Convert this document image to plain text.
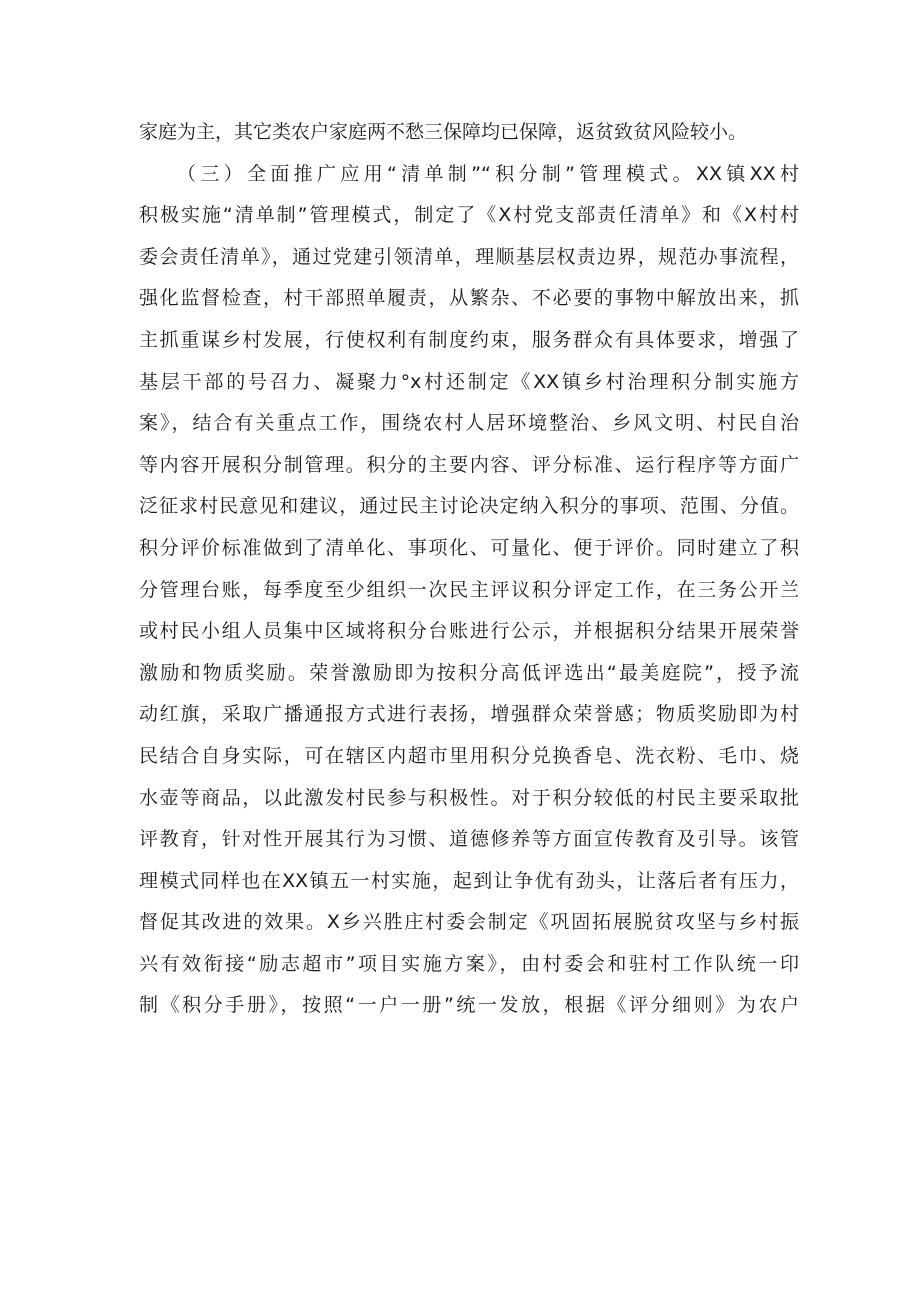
家庭为主，其它类农户家庭两不愁三保障均已保障，返贫致贫风险较小。
（三）全面推广应用“清单制”“积分制”管理模式。XX镇XX村
积极实施“清单制”管理模式，制定了《X村党支部责任清单》和《X村村
委会责任清单》，通过党建引领清单，理顺基层权责边界，规范办事流程，
强化监督检查，村干部照单履责，从繁杂、不必要的事物中解放出来，抓
主抓重谋乡村发展，行使权利有制度约束，服务群众有具体要求，增强了
基层干部的号召力、凝聚力°x村还制定《XX镇乡村治理积分制实施方
案》，结合有关重点工作，围绕农村人居环境整治、乡风文明、村民自治
等内容开展积分制管理。积分的主要内容、评分标准、运行程序等方面广
泛征求村民意见和建议，通过民主讨论决定纳入积分的事项、范围、分值。
积分评价标准做到了清单化、事项化、可量化、便于评价。同时建立了积
分管理台账，每季度至少组织一次民主评议积分评定工作，在三务公开兰
或村民小组人员集中区域将积分台账进行公示，并根据积分结果开展荣誉
激励和物质奖励。荣誉激励即为按积分高低评选出“最美庭院”，授予流
动红旗，采取广播通报方式进行表扬，增强群众荣誉感；物质奖励即为村
民结合自身实际，可在辖区内超市里用积分兑换香皂、洗衣粉、毛巾、烧
水壶等商品，以此激发村民参与积极性。对于积分较低的村民主要采取批
评教育，针对性开展其行为习惯、道德修养等方面宣传教育及引导。该管
理模式同样也在XX镇五一村实施，起到让争优有劲头，让落后者有压力，
督促其改进的效果。X乡兴胜庄村委会制定《巩固拓展脱贫攻坚与乡村振
兴有效衔接“励志超市”项目实施方案》，由村委会和驻村工作队统一印
制《积分手册》，按照“一户一册”统一发放，根据《评分细则》为农户
